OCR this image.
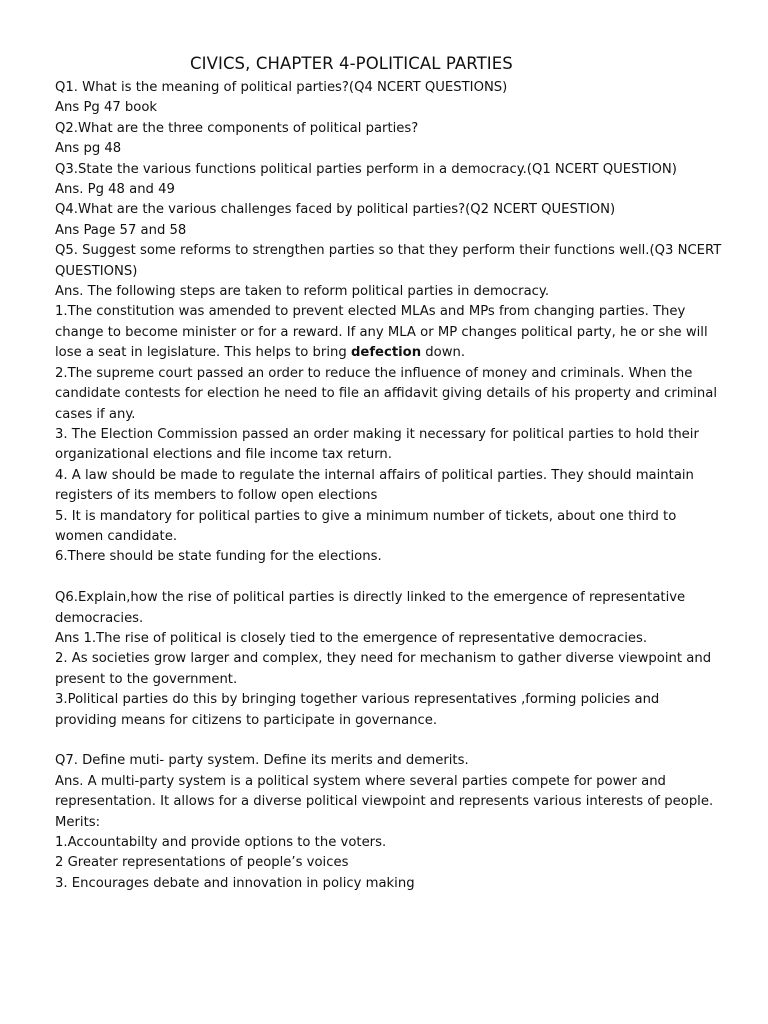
CIVICS, CHAPTER 4-POLITICAL PARTIES

Q1. What is the meaning of political parties?(Q4 NCERT QUESTIONS)

Ans Pg 47 book

Q2.What are the three components of political parties?

Ans pg 48

Q3.State the various functions political parties perform in a democracy.(Q1 NCERT QUESTION)

Ans. Pg 48 and 49

Q4.What are the various challenges faced by political parties?(Q2 NCERT QUESTION)

Ans Page 57 and 58

Q5. Suggest some reforms to strengthen parties so that they perform their functions well.(Q3 NCERT QUESTIONS)

Ans. The following steps are taken to reform political parties in democracy.

1.The constitution was amended to prevent elected MLAs and MPs from changing parties. They change to become minister or for a reward. If any MLA or MP changes political party, he or she will lose a seat in legislature. This helps to bring defection down.

2.The supreme court passed an order to reduce the influence of money and criminals. When the candidate contests for election he need to file an affidavit giving details of his property and criminal cases if any.

3. The Election Commission passed an order making it necessary for political parties to hold their organizational elections and file income tax return.

4. A law should be made to regulate the internal affairs of political parties. They should maintain registers of its members to follow open elections

5. It is mandatory for political parties to give a minimum number of tickets, about one third to women candidate.

6.There should be state funding for the elections.

Q6.Explain,how the rise of political parties is directly linked to the emergence of representative democracies.

Ans 1.The rise of political is closely tied to the emergence of representative democracies.

2. As societies grow larger and complex, they need for mechanism to gather diverse viewpoint and present to the government.

3.Political parties do this by bringing together various representatives ,forming policies and providing means for citizens to participate in governance.

Q7. Define muti- party system. Define its merits and demerits.

Ans. A multi-party system is a political system where several parties compete for power and representation. It allows for a diverse political viewpoint and represents various interests of people.

Merits:

1.Accountabilty and provide options to the voters.

2 Greater representations of people’s voices

3. Encourages debate and innovation in policy making
